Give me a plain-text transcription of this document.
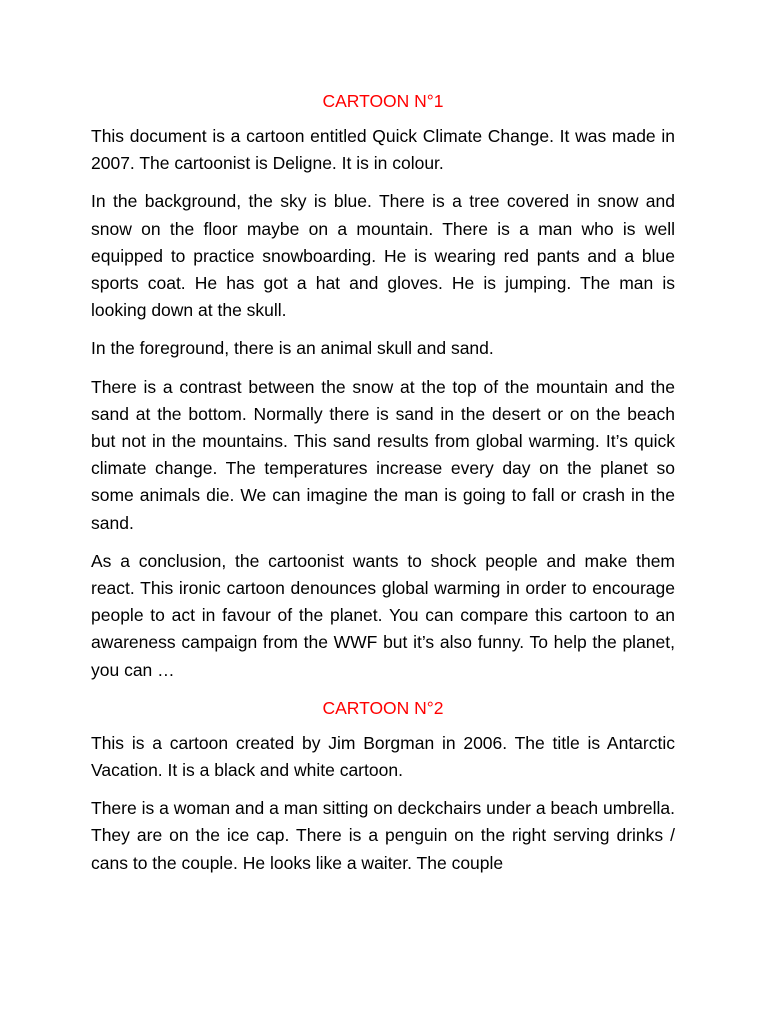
CARTOON N°1

This document is a cartoon entitled Quick Climate Change. It was made in 2007. The cartoonist is Deligne. It is in colour.

In the background, the sky is blue. There is a tree covered in snow and snow on the floor maybe on a mountain. There is a man who is well equipped to practice snowboarding. He is wearing red pants and a blue sports coat. He has got a hat and gloves. He is jumping. The man is looking down at the skull.

In the foreground, there is an animal skull and sand.

There is a contrast between the snow at the top of the mountain and the sand at the bottom. Normally there is sand in the desert or on the beach but not in the mountains. This sand results from global warming. It’s quick climate change. The temperatures increase every day on the planet so some animals die. We can imagine the man is going to fall or crash in the sand.

As a conclusion, the cartoonist wants to shock people and make them react. This ironic cartoon denounces global warming in order to encourage people to act in favour of the planet. You can compare this cartoon to an awareness campaign from the WWF but it’s also funny. To help the planet, you can …

CARTOON N°2

This is a cartoon created by Jim Borgman in 2006. The title is Antarctic Vacation. It is a black and white cartoon.

There is a woman and a man sitting on deckchairs under a beach umbrella. They are on the ice cap. There is a penguin on the right serving drinks / cans to the couple. He looks like a waiter. The couple
